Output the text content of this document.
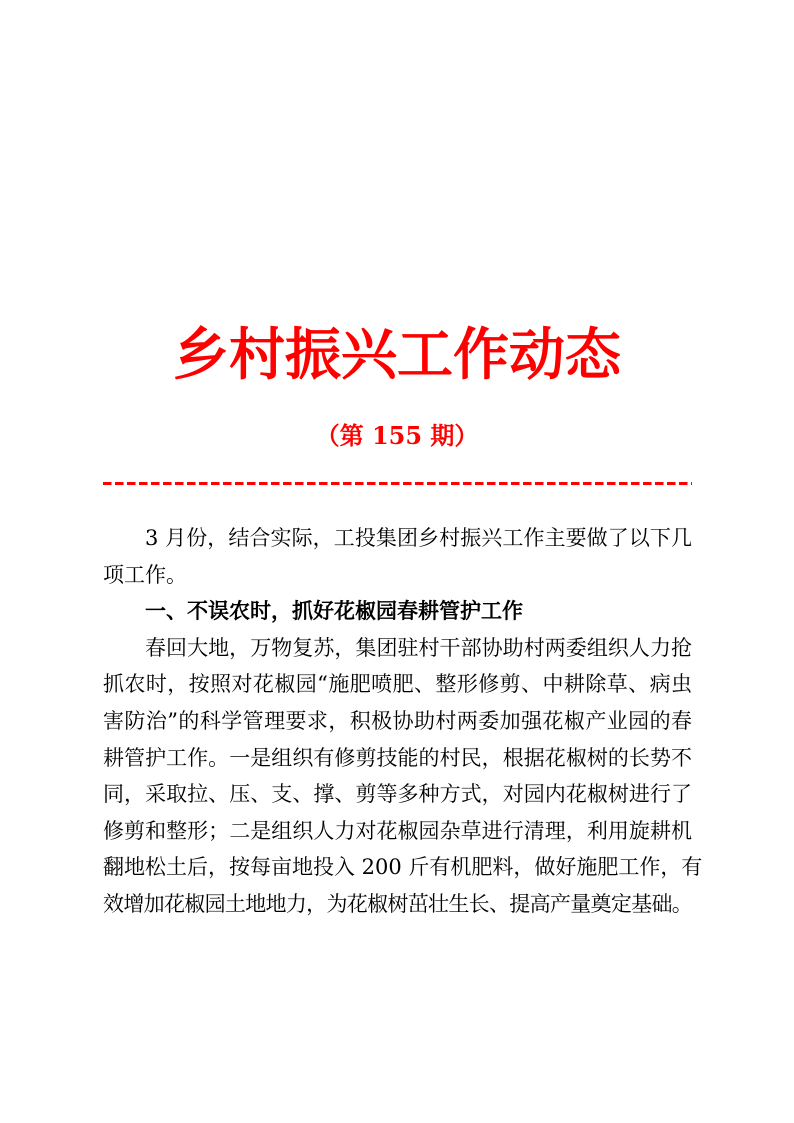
乡村振兴工作动态
（第 155 期）
3 月份，结合实际，工投集团乡村振兴工作主要做了以下几
项工作。
一、不误农时，抓好花椒园春耕管护工作
春回大地，万物复苏，集团驻村干部协助村两委组织人力抢
抓农时，按照对花椒园“施肥喷肥、整形修剪、中耕除草、病虫
害防治”的科学管理要求，积极协助村两委加强花椒产业园的春
耕管护工作。一是组织有修剪技能的村民，根据花椒树的长势不
同，采取拉、压、支、撑、剪等多种方式，对园内花椒树进行了
修剪和整形；二是组织人力对花椒园杂草进行清理，利用旋耕机
翻地松土后，按每亩地投入 200 斤有机肥料，做好施肥工作，有
效增加花椒园土地地力，为花椒树茁壮生长、提高产量奠定基础。
